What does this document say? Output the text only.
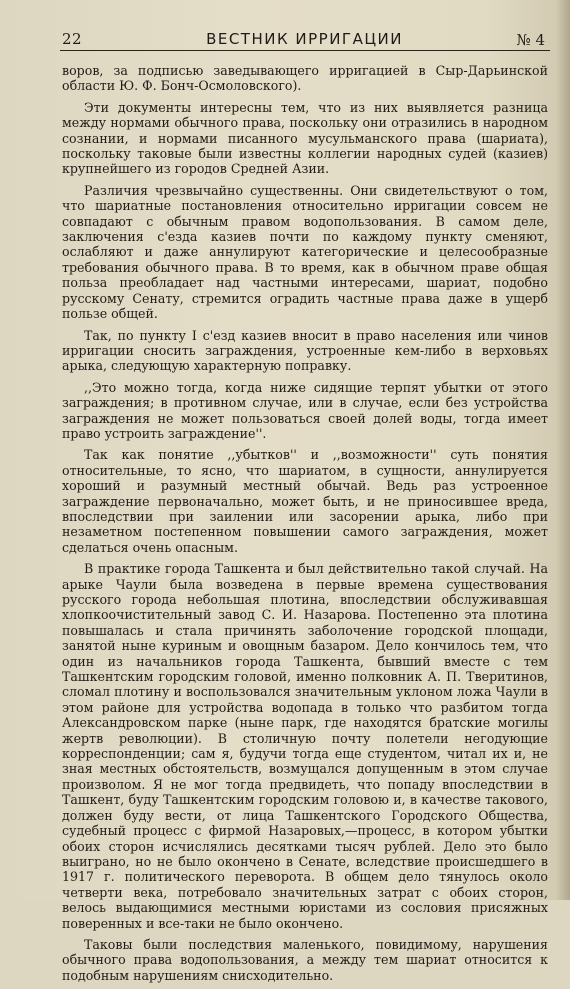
22	ВЕСТНИК ИРРИГАЦИИ	№ 4

воров, за подписью заведывающего ирригацией в Сыр-Дарьинской области Ю. Ф. Бонч-Осмоловского).

Эти документы интересны тем, что из них выявляется разница между нормами обычного права, поскольку они отразились в народном сознании, и нормами писанного мусульманского права (шариата), поскольку таковые были известны коллегии народных судей (казиев) крупнейшего из городов Средней Азии.

Различия чрезвычайно существенны. Они свидетельствуют о том, что шариатные постановления относительно ирригации совсем не совпадают с обычным правом водопользования. В самом деле, заключения с'езда казиев почти по каждому пункту сменяют, ослабляют и даже аннулируют категорические и целесообразные требования обычного права. В то время, как в обычном праве общая польза преобладает над частными интересами, шариат, подобно русскому Сенату, стремится оградить частные права даже в ущерб пользе общей.

Так, по пункту I с'езд казиев вносит в право населения или чинов ирригации сносить заграждения, устроенные кем-либо в верховьях арыка, следующую характерную поправку.

,,Это можно тогда, когда ниже сидящие терпят убытки от этого заграждения; в противном случае, или в случае, если без устройства заграждения не может пользоваться своей долей воды, тогда имеет право устроить заграждение''.

Так как понятие ,,убытков'' и ,,возможности'' суть понятия относительные, то ясно, что шариатом, в сущности, аннулируется хороший и разумный местный обычай. Ведь раз устроенное заграждение первоначально, может быть, и не приносившее вреда, впоследствии при заилении или засорении арыка, либо при незаметном постепенном повышении самого заграждения, может сделаться очень опасным.

В практике города Ташкента и был действительно такой случай. На арыке Чаули была возведена в первые времена существования русского города небольшая плотина, впоследствии обслуживавшая хлопкоочистительный завод С. И. Назарова. Постепенно эта плотина повышалась и стала причинять заболочение городской площади, занятой ныне куриным и овощным базаром. Дело кончилось тем, что один из начальников города Ташкента, бывший вместе с тем Ташкентским городским головой, именно полковник А. П. Тверитинов, сломал плотину и воспользовался значительным уклоном ложа Чаули в этом районе для устройства водопада в только что разбитом тогда Александровском парке (ныне парк, где находятся братские могилы жертв революции). В столичную почту полетели негодующие корреспонденции; сам я, будучи тогда еще студентом, читал их и, не зная местных обстоятельств, возмущался допущенным в этом случае произволом. Я не мог тогда предвидеть, что попаду впоследствии в Ташкент, буду Ташкентским городским головою и, в качестве такового, должен буду вести, от лица Ташкентского Городского Общества, судебный процесс с фирмой Назаровых,—процесс, в котором убытки обоих сторон исчислялись десятками тысяч рублей. Дело это было выиграно, но не было окончено в Сенате, вследствие происшедшего в 1917 г. политического переворота. В общем дело тянулось около четверти века, потребовало значительных затрат с обоих сторон, велось выдающимися местными юристами из сословия присяжных поверенных и все-таки не было окончено.

Таковы были последствия маленького, повидимому, нарушения обычного права водопользования, а между тем шариат относится к подобным нарушениям снисходительно.
